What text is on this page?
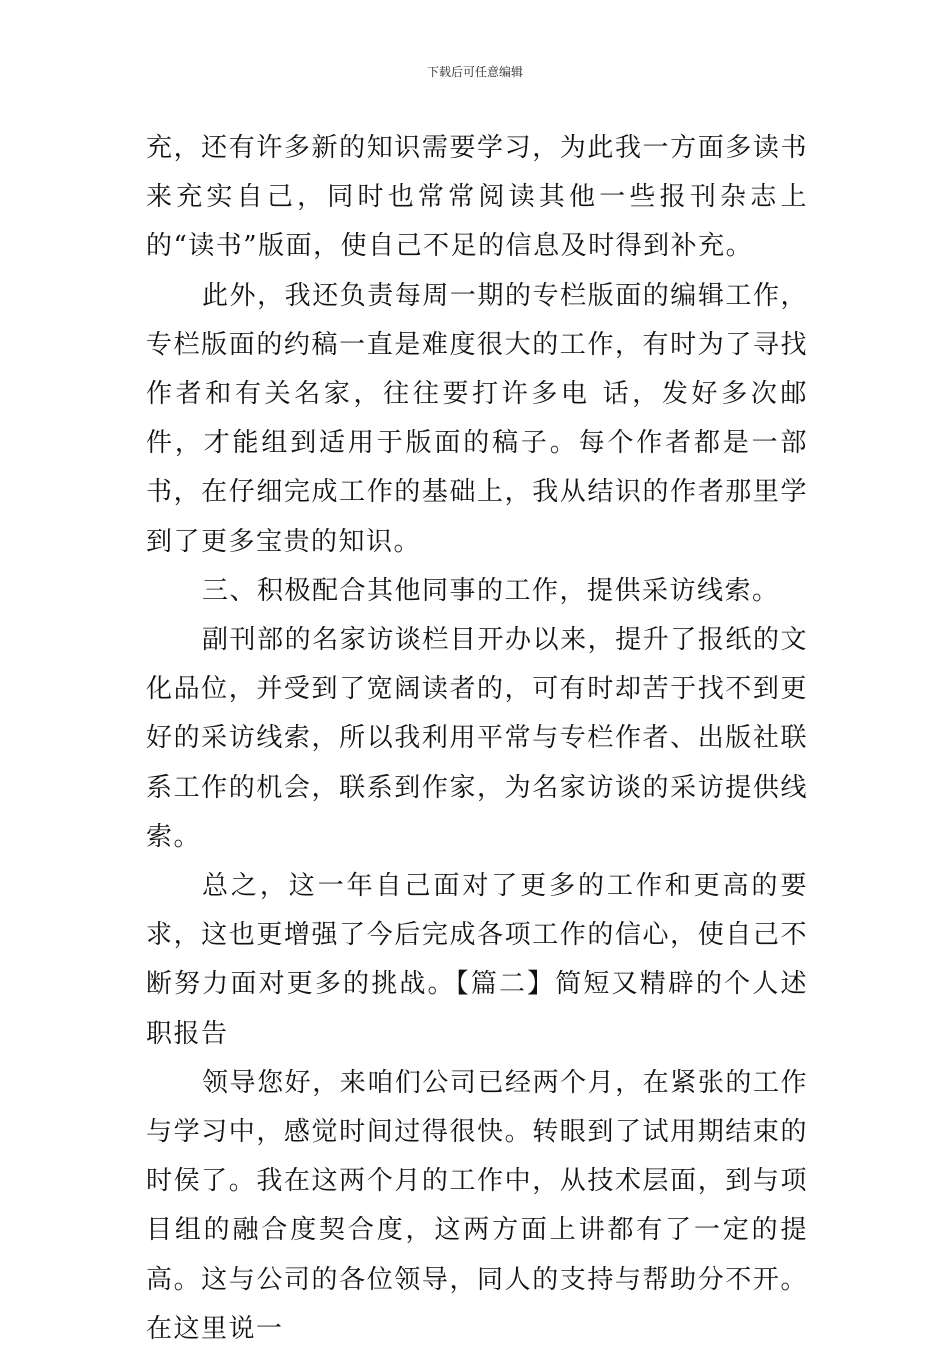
下载后可任意编辑

充，还有许多新的知识需要学习，为此我一方面多读书来充实自己，同时也常常阅读其他一些报刊杂志上的“读书”版面，使自己不足的信息及时得到补充。

此外，我还负责每周一期的专栏版面的编辑工作，专栏版面的约稿一直是难度很大的工作，有时为了寻找作者和有关名家，往往要打许多电 话，发好多次邮件，才能组到适用于版面的稿子。每个作者都是一部书，在仔细完成工作的基础上，我从结识的作者那里学到了更多宝贵的知识。

三、积极配合其他同事的工作，提供采访线索。

副刊部的名家访谈栏目开办以来，提升了报纸的文化品位，并受到了宽阔读者的，可有时却苦于找不到更好的采访线索，所以我利用平常与专栏作者、出版社联系工作的机会，联系到作家，为名家访谈的采访提供线索。

总之，这一年自己面对了更多的工作和更高的要求，这也更增强了今后完成各项工作的信心，使自己不断努力面对更多的挑战。【篇二】简短又精辟的个人述职报告

领导您好，来咱们公司已经两个月，在紧张的工作与学习中，感觉时间过得很快。转眼到了试用期结束的时侯了。我在这两个月的工作中，从技术层面，到与项目组的融合度契合度，这两方面上讲都有了一定的提高。这与公司的各位领导，同人的支持与帮助分不开。在这里说一
